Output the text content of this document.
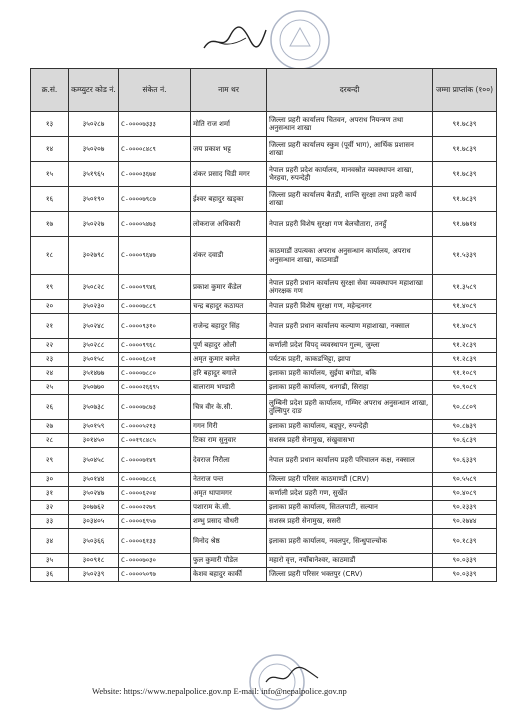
क्र.सं.	कम्प्युटर कोड नं.	संकेत नं.	नाम थर	दरबन्दी	जम्मा प्राप्तांक (१००)
१३	३५०२८७	C-००००७३३३	मोति राज शर्मा	जिल्ला प्रहरी कार्यालय चितवन, अपराध नियन्त्रण तथा अनुसन्धान शाखा	९१.७८३९
१४	३५०२०७	C-००००८४८९	जय प्रकाश भट्ट	जिल्ला प्रहरी कार्यालय स्कुम (पूर्वी भाग), आर्थिक प्रशासन शाखा	९१.७८३९
१५	३५१९६५	C-००००३६७४	शंकर प्रसाद चिडी मगर	नेपाल प्रहरी प्रदेश कार्यालय, मानवस्रोत व्यवस्थापन शाखा, भैरहवा, रुपन्देही	९१.७८३९
१६	३५०१९०	C-००००७९८७	ईश्वर बहादुर खड्का	जिल्ला प्रहरी कार्यालय बैतडी, शान्ति सुरक्षा तथा प्रहरी कार्य शाखा	९१.७८३९
१७	३५०२२७	C-००००५४७३	लोकराज अधिकारी	नेपाल प्रहरी विशेष सुरक्षा गण बेलचौतारा, तनहुँ	९१.७७१४
१८	३०२७९८	C-००००९६४७	शंकर दवाडी	काठमाडौं उपत्यका अपराध अनुसन्धान कार्यालय, अपराध अनुसन्धान शाखा, काठमाडौं	९१.५३३९
१९	३५०८२८	C-००००९९४६	प्रकाश कुमार कँडेल	नेपाल प्रहरी प्रधान कार्यालय सुरक्षा सेवा व्यवस्थापन महाशाखा अंगरक्षक गण	९१.३५८९
२०	३५०२३०	C-००००७८८९	चन्द्र बहादुर कठायत	नेपाल प्रहरी विशेष सुरक्षा गण, महेन्द्रनगर	९१.४०८९
२१	३५०२४८	C-००००९३१०	राजेन्द्र बहादुर सिंह	नेपाल प्रहरी प्रधान कार्यालय कल्याण महाशाखा, नक्साल	९१.४०८९
२२	३५०२८८	C-००००९९६८	पूर्ण बहादुर ओली	कर्णाली प्रदेश विपद् व्यवस्थापन गुल्म, जुम्ला	९१.२८३९
२३	३५०१५८	C-००००६८०१	अमृत कुमार बस्नेत	पर्यटक प्रहरी, काकडभिट्टा, झापा	९१.२८३९
२४	३५१४७७	C-००००७८८०	हरि बहादुर बगाले	इलाका प्रहरी कार्यालय, सुईया बगोडा, बकि	९१.१०८९
२५	३५०७७०	C-००००२६६९५	बालाराम भण्डारी	इलाका प्रहरी कार्यालय, धनगढी, सिराहा	९०.९०८९
२६	३५०७३८	C-००००७८७३	चित्र वीर के.सी.	लुम्बिनी प्रदेश प्रहरी कार्यालय, गम्भिर अपराध अनुसन्धान शाखा, तुल्सिपुर दाङ	९०.८८०९
२७	३५०१५९	C-००००५२१३	गगन गिरी	इलाका प्रहरी कार्यालय, बड्घुर, रुपन्देही	९०.८७३९
२८	३०१४५०	C-००१९८४८५	टिका राम सुनुवार	सशस्त्र प्रहरी सेनामुख, संखुवासभा	९०.६८३९
२९	३५०४५८	C-००००७१४९	देवराज निरौला	नेपाल प्रहरी प्रधान कार्यालय प्रहरी परिचालन कक्ष, नक्साल	९०.६३३९
३०	३५०१४४	C-००००७८८६	नेतराज पन्त	जिल्ला प्रहरी परिसर काठमाण्डौं (CRV)	९०.५५८९
३१	३५०२४७	C-००००६२०४	अमृत थापामगर	कर्णाली प्रदेश प्रहरी गण, सुर्खेत	९०.४०८९
३२	३०७७६२	C-००००२२७९	पशाराम के.सी.	इलाका प्रहरी कार्यालय, सितलपाटी, सल्यान	९०.२३३९
३३	३०३४०५	C-००००६९५७	शम्भु प्रसाद चौधरी	सशस्त्र प्रहरी सेनामुख, ससरी	९०.२७४४
३४	३५०३६६	C-००००६१३३	मिनोद श्रेष्ठ	इलाका प्रहरी कार्यालय, नवलपुर, सिन्धुपाल्चोक	९०.१८३९
३५	३००९१८	C-००००७०३०	फुल कुमारी पौडेल	महारो वृत्त, नयाँबानेश्वर, काठमाडौं	९०.०३३९
३६	३५०२३९	C-००००५०९७	केशव बहादुर कार्की	जिल्ला प्रहरी परिसर भक्तपुर (CRV)	९०.०३३९
Website: https://www.nepalpolice.gov.np E-mail: info@nepalpolice.gov.np
